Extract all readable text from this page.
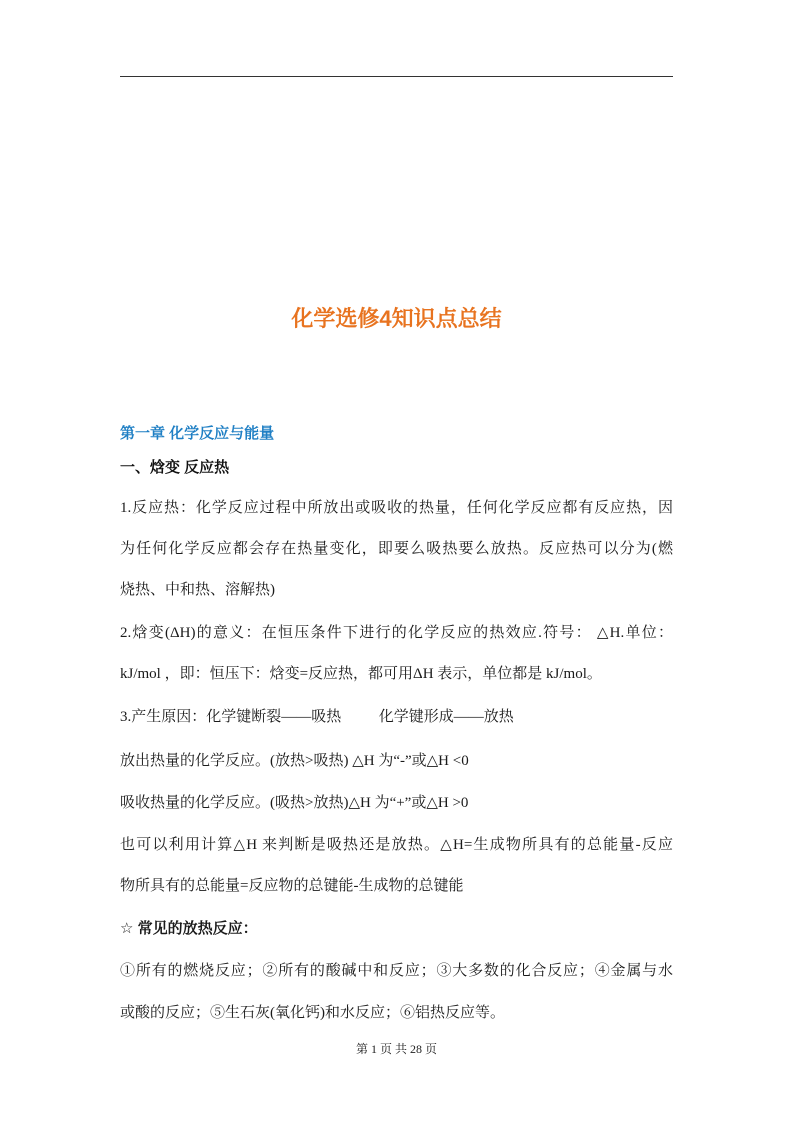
化学选修4知识点总结
第一章 化学反应与能量
一、焓变 反应热
1.反应热：化学反应过程中所放出或吸收的热量，任何化学反应都有反应热，因
为任何化学反应都会存在热量变化，即要么吸热要么放热。反应热可以分为(燃
烧热、中和热、溶解热)
2.焓变(ΔH)的意义：在恒压条件下进行的化学反应的热效应.符号： △H.单位：
kJ/mol ，即：恒压下：焓变=反应热，都可用ΔH 表示，单位都是 kJ/mol。
3.产生原因：化学键断裂——吸热          化学键形成——放热
放出热量的化学反应。(放热>吸热) △H 为“-”或△H <0
吸收热量的化学反应。(吸热>放热)△H 为“+”或△H >0
也可以利用计算△H 来判断是吸热还是放热。△H=生成物所具有的总能量-反应
物所具有的总能量=反应物的总键能-生成物的总键能
☆ 常见的放热反应：
①所有的燃烧反应；②所有的酸碱中和反应；③大多数的化合反应；④金属与水
或酸的反应；⑤生石灰(氧化钙)和水反应；⑥铝热反应等。
第 1 页 共 28 页
